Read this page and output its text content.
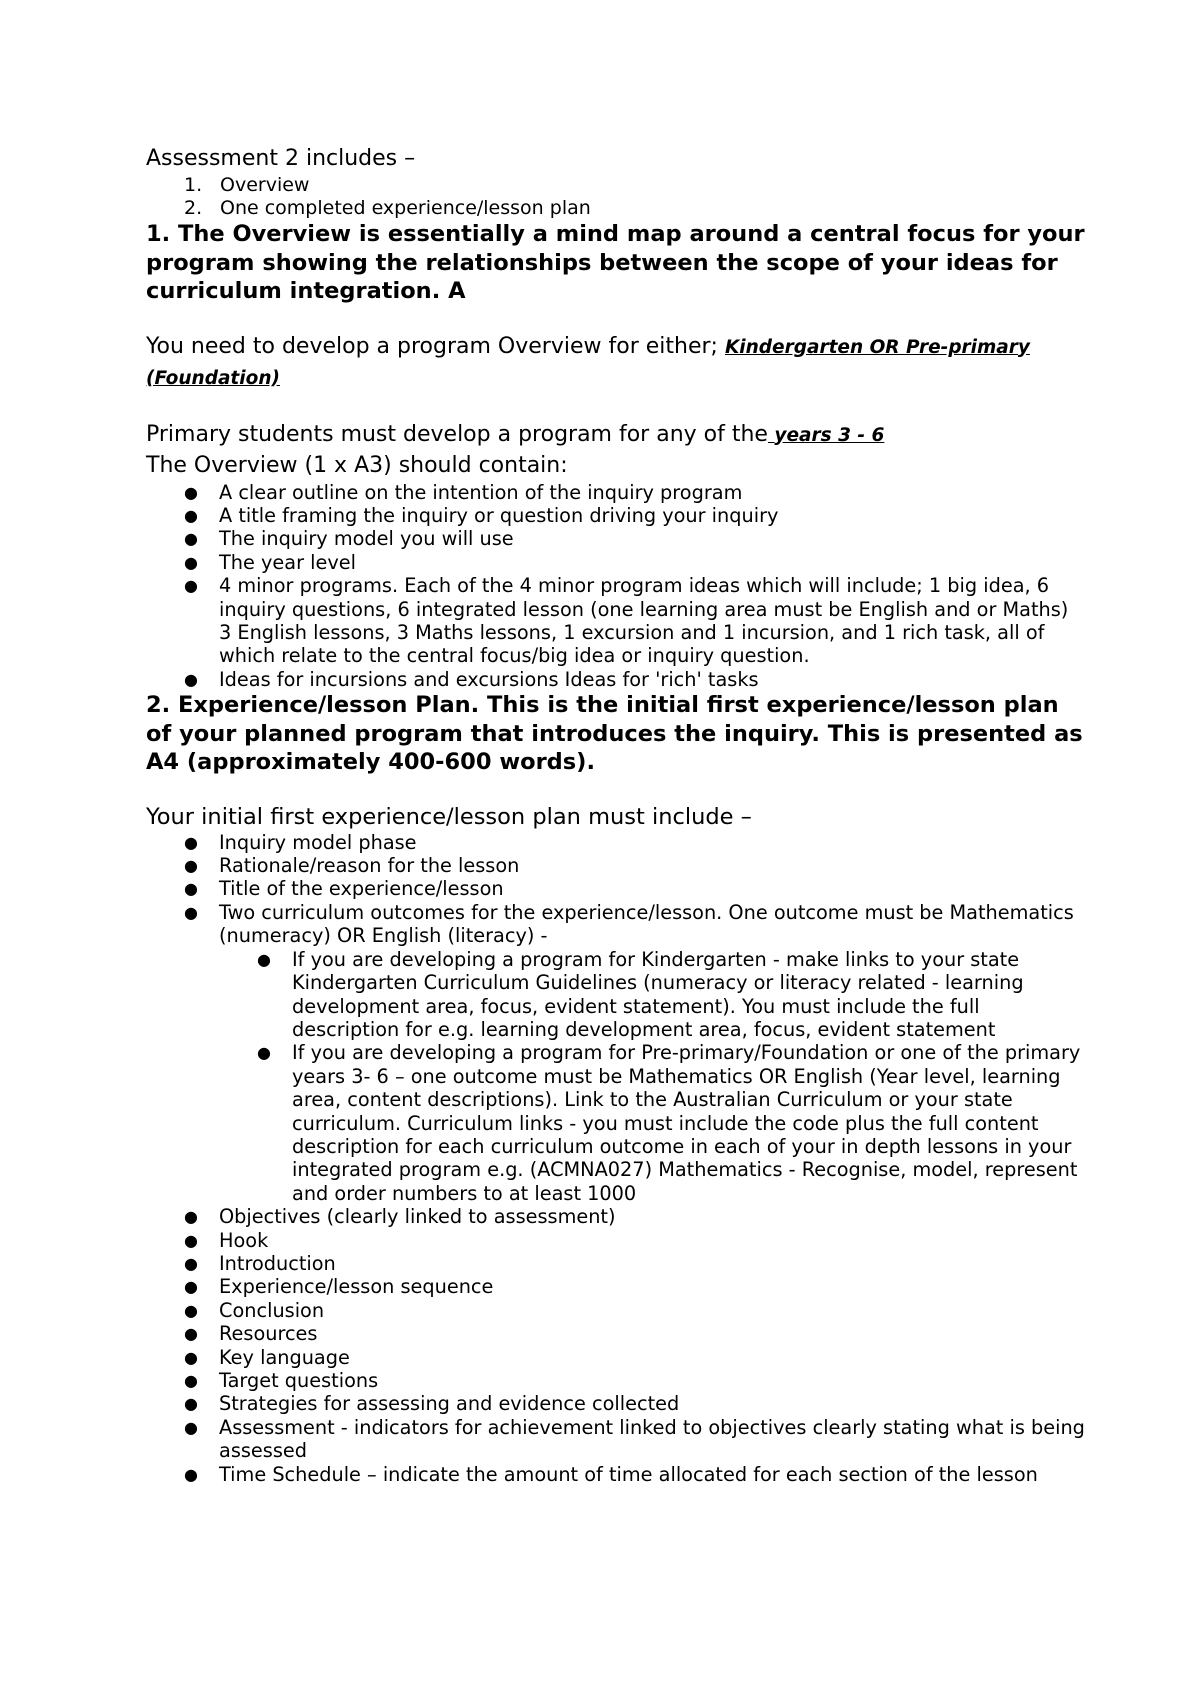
Assessment 2 includes –

1. Overview
2. One completed experience/lesson plan

1. The Overview is essentially a mind map around a central focus for your program showing the relationships between the scope of your ideas for curriculum integration. A

You need to develop a program Overview for either; Kindergarten OR Pre-primary (Foundation)

Primary students must develop a program for any of the years 3 - 6

The Overview (1 x A3) should contain:

● A clear outline on the intention of the inquiry program
● A title framing the inquiry or question driving your inquiry
● The inquiry model you will use
● The year level
● 4 minor programs. Each of the 4 minor program ideas which will include; 1 big idea, 6 inquiry questions, 6 integrated lesson (one learning area must be English and or Maths) 3 English lessons, 3 Maths lessons, 1 excursion and 1 incursion, and 1 rich task, all of which relate to the central focus/big idea or inquiry question.
● Ideas for incursions and excursions Ideas for 'rich' tasks

2. Experience/lesson Plan. This is the initial first experience/lesson plan of your planned program that introduces the inquiry. This is presented as A4 (approximately 400-600 words).

Your initial first experience/lesson plan must include –

● Inquiry model phase
● Rationale/reason for the lesson
● Title of the experience/lesson
● Two curriculum outcomes for the experience/lesson. One outcome must be Mathematics (numeracy) OR English (literacy) -
● If you are developing a program for Kindergarten - make links to your state Kindergarten Curriculum Guidelines (numeracy or literacy related - learning development area, focus, evident statement). You must include the full description for e.g. learning development area, focus, evident statement
● If you are developing a program for Pre-primary/Foundation or one of the primary years 3- 6 – one outcome must be Mathematics OR English (Year level, learning area, content descriptions). Link to the Australian Curriculum or your state curriculum. Curriculum links - you must include the code plus the full content description for each curriculum outcome in each of your in depth lessons in your integrated program e.g. (ACMNA027) Mathematics - Recognise, model, represent and order numbers to at least 1000
● Objectives (clearly linked to assessment)
● Hook
● Introduction
● Experience/lesson sequence
● Conclusion
● Resources
● Key language
● Target questions
● Strategies for assessing and evidence collected
● Assessment - indicators for achievement linked to objectives clearly stating what is being assessed
● Time Schedule – indicate the amount of time allocated for each section of the lesson
